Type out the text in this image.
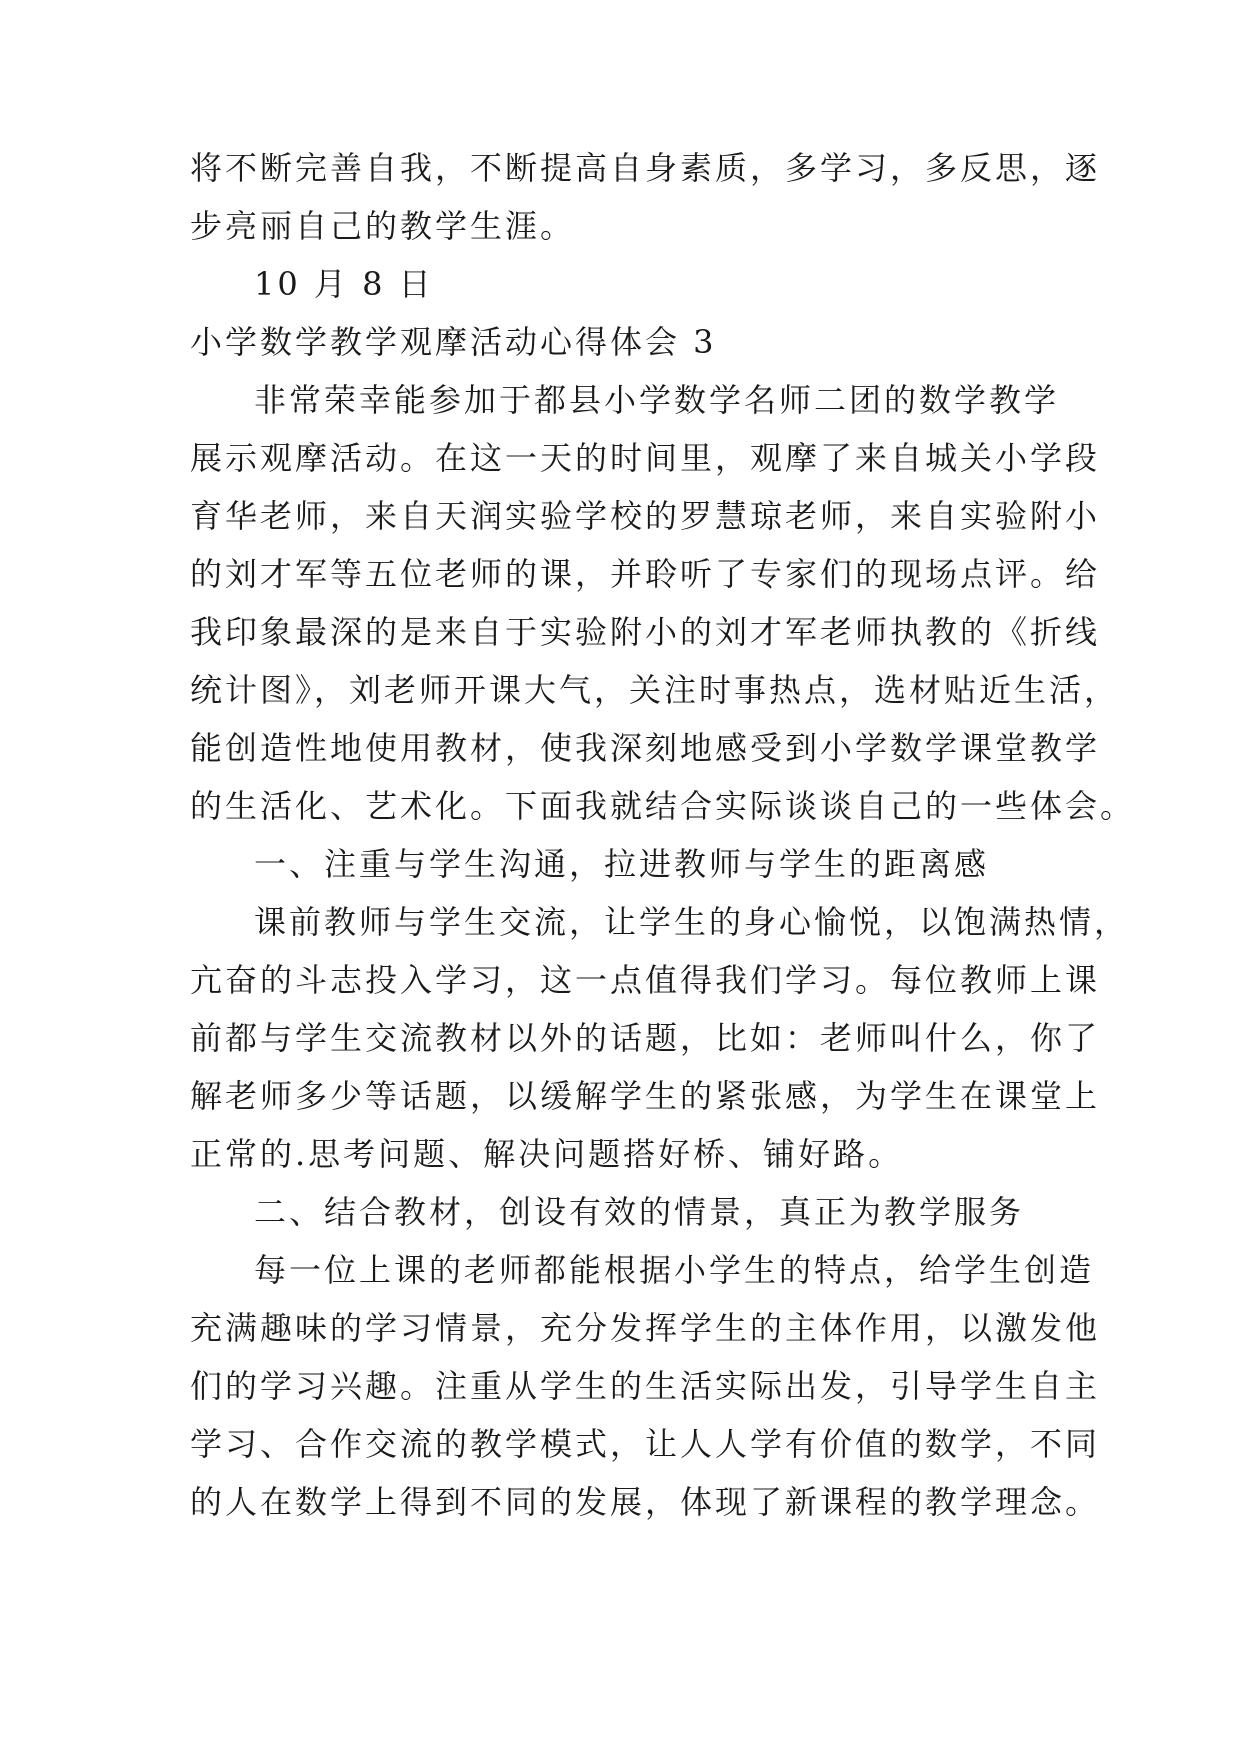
将不断完善自我，不断提高自身素质，多学习，多反思，逐
步亮丽自己的教学生涯。
10 月 8 日
小学数学教学观摩活动心得体会 3
非常荣幸能参加于都县小学数学名师二团的数学教学
展示观摩活动。在这一天的时间里，观摩了来自城关小学段
育华老师，来自天润实验学校的罗慧琼老师，来自实验附小
的刘才军等五位老师的课，并聆听了专家们的现场点评。给
我印象最深的是来自于实验附小的刘才军老师执教的《折线
统计图》，刘老师开课大气，关注时事热点，选材贴近生活，
能创造性地使用教材，使我深刻地感受到小学数学课堂教学
的生活化、艺术化。下面我就结合实际谈谈自己的一些体会。
一、注重与学生沟通，拉进教师与学生的距离感
课前教师与学生交流，让学生的身心愉悦，以饱满热情，
亢奋的斗志投入学习，这一点值得我们学习。每位教师上课
前都与学生交流教材以外的话题，比如：老师叫什么，你了
解老师多少等话题，以缓解学生的紧张感，为学生在课堂上
正常的.思考问题、解决问题搭好桥、铺好路。
二、结合教材，创设有效的情景，真正为教学服务
每一位上课的老师都能根据小学生的特点，给学生创造
充满趣味的学习情景，充分发挥学生的主体作用，以激发他
们的学习兴趣。注重从学生的生活实际出发，引导学生自主
学习、合作交流的教学模式，让人人学有价值的数学，不同
的人在数学上得到不同的发展，体现了新课程的教学理念。
